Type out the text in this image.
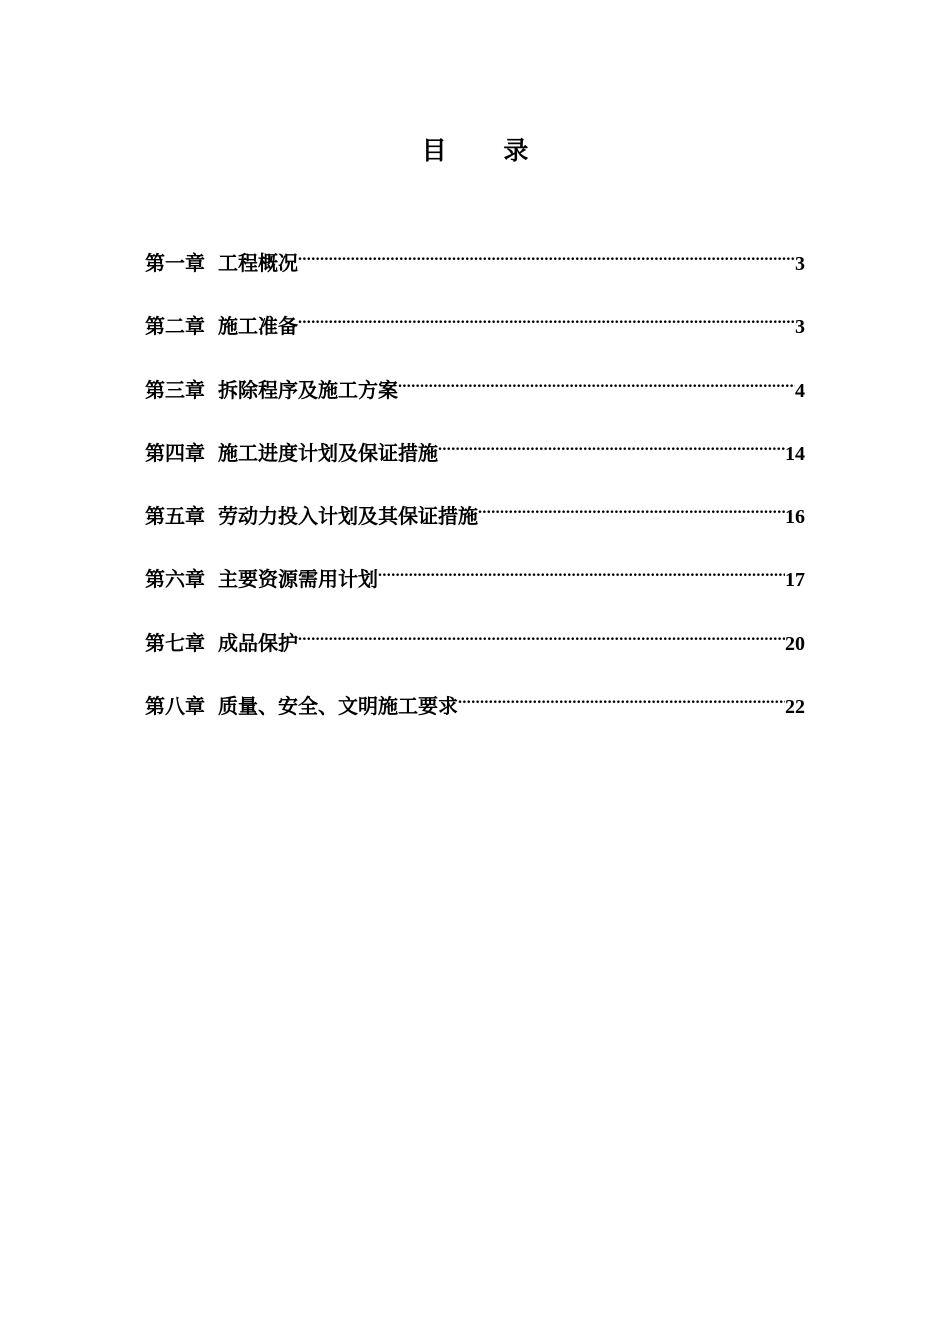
目 录
第一章 工程概况 .....	3
第二章 施工准备 .....	3
第三章 拆除程序及施工方案 .....	4
第四章 施工进度计划及保证措施 .....	14
第五章 劳动力投入计划及其保证措施 .....	16
第六章 主要资源需用计划 .....	17
第七章 成品保护 .....	20
第八章 质量、安全、文明施工要求 .....	22
